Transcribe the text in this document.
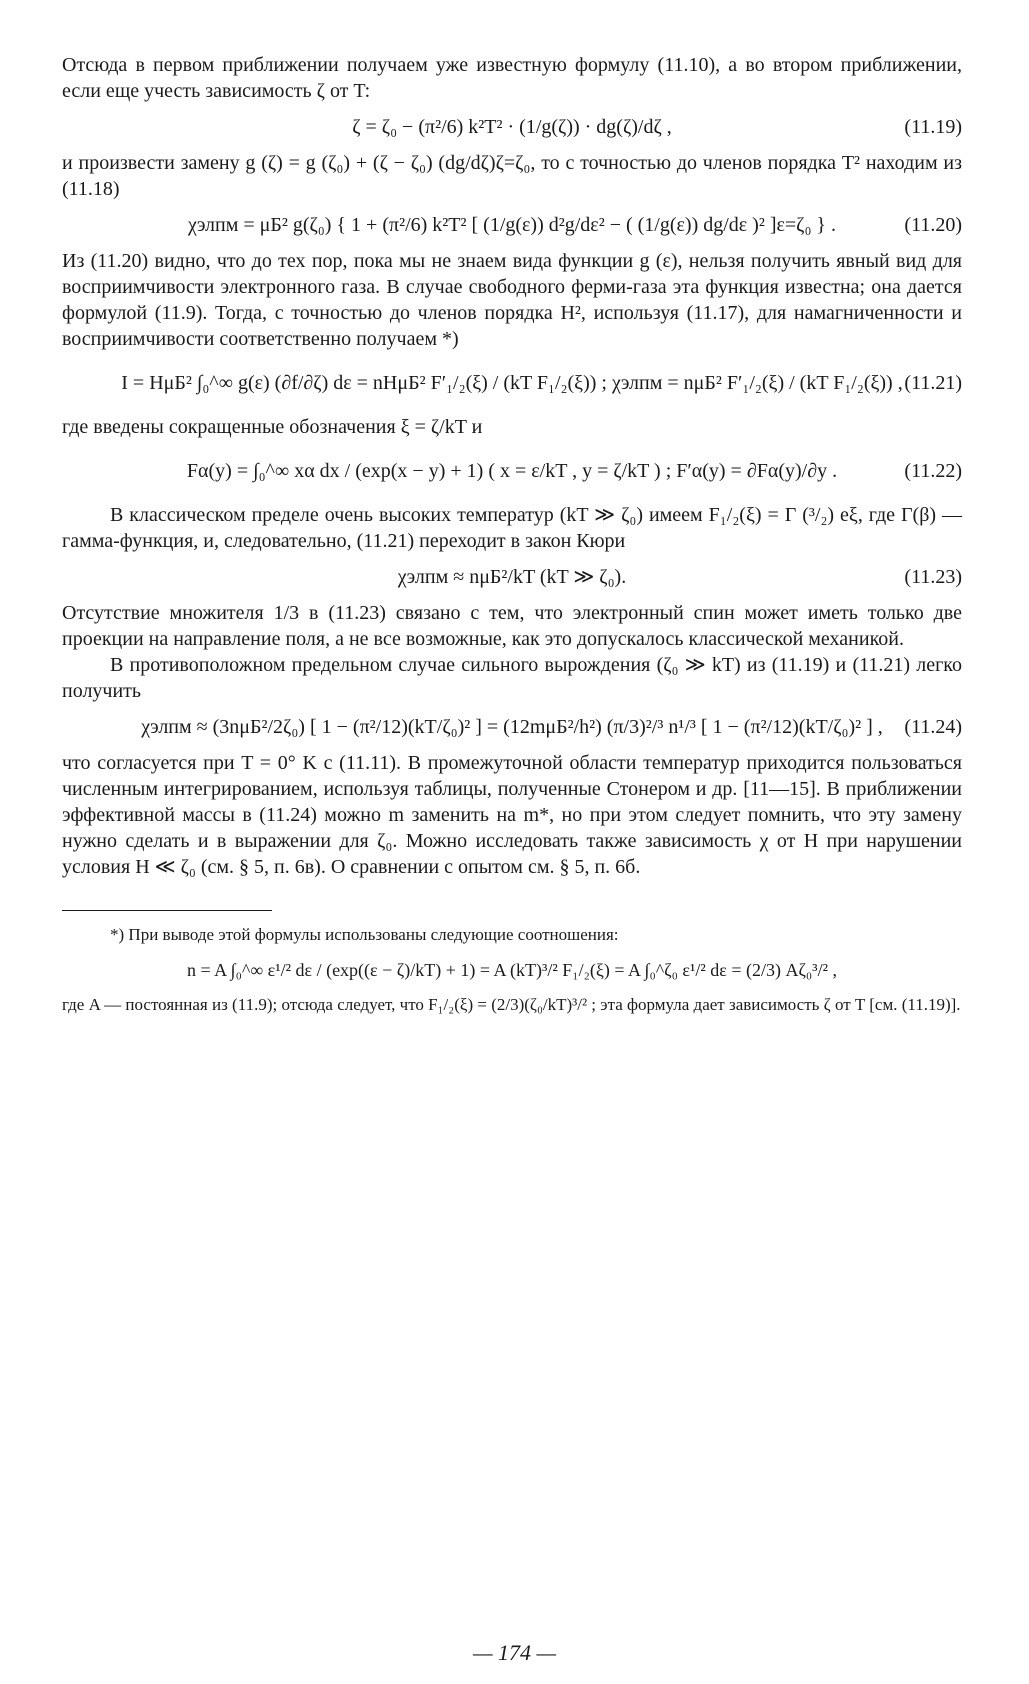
Отсюда в первом приближении получаем уже известную формулу (11.10), а во втором приближении, если еще учесть зависимость ζ от T:

ζ = ζ₀ − (π²/6) k²T² · (1/g(ζ)) · dg(ζ)/dζ ,	(11.19)

и произвести замену g (ζ) = g (ζ₀) + (ζ − ζ₀) (dg/dζ)ζ=ζ₀, то с точностью до членов порядка T² находим из (11.18)

χэлпм = μБ² g(ζ₀) { 1 + (π²/6) k²T² [ (1/g(ε)) d²g/dε² − ( (1/g(ε)) dg/dε )² ]ε=ζ₀ } .	(11.20)

Из (11.20) видно, что до тех пор, пока мы не знаем вида функции g (ε), нельзя получить явный вид для восприимчивости электронного газа. В случае свободного ферми-газа эта функция известна; она дается формулой (11.9). Тогда, с точностью до членов порядка H², используя (11.17), для намагниченности и восприимчивости соответственно получаем *)

I = HμБ² ∫₀^∞ g(ε) (∂f/∂ζ) dε = nHμБ² F′₁/₂(ξ) / (kT F₁/₂(ξ)) ; χэлпм = nμБ² F′₁/₂(ξ) / (kT F₁/₂(ξ)) , (11.21)

где введены сокращенные обозначения ξ = ζ/kT и

Fα(y) = ∫₀^∞ xα dx / (exp(x − y) + 1) ( x = ε/kT , y = ζ/kT ) ; F′α(y) = ∂Fα(y)/∂y .	(11.22)

В классическом пределе очень высоких температур (kT ≫ ζ₀) имеем F₁/₂(ξ) = Γ (³/₂) eξ, где Γ(β) — гамма-функция, и, следовательно, (11.21) переходит в закон Кюри

χэлпм ≈ nμБ²/kT (kT ≫ ζ₀).	(11.23)

Отсутствие множителя 1/3 в (11.23) связано с тем, что электронный спин может иметь только две проекции на направление поля, а не все возможные, как это допускалось классической механикой.

В противоположном предельном случае сильного вырождения (ζ₀ ≫ kT) из (11.19) и (11.21) легко получить

χэлпм ≈ (3nμБ²/2ζ₀) [ 1 − (π²/12)(kT/ζ₀)² ] = (12mμБ²/h²) (π/3)²/³ n¹/³ [ 1 − (π²/12)(kT/ζ₀)² ] , (11.24)

что согласуется при T = 0° K с (11.11). В промежуточной области температур приходится пользоваться численным интегрированием, используя таблицы, полученные Стонером и др. [11—15]. В приближении эффективной массы в (11.24) можно m заменить на m*, но при этом следует помнить, что эту замену нужно сделать и в выражении для ζ₀. Можно исследовать также зависимость χ от H при нарушении условия H ≪ ζ₀ (см. § 5, п. 6в). О сравнении с опытом см. § 5, п. 6б.

*) При выводе этой формулы использованы следующие соотношения:

n = A ∫₀^∞ ε¹/² dε / (exp((ε − ζ)/kT) + 1) = A (kT)³/² F₁/₂(ξ) = A ∫₀^ζ₀ ε¹/² dε = (2/3) Aζ₀³/² ,

где A — постоянная из (11.9); отсюда следует, что F₁/₂(ξ) = (2/3)(ζ₀/kT)³/² ; эта формула дает зависимость ζ от T [см. (11.19)].

— 174 —
